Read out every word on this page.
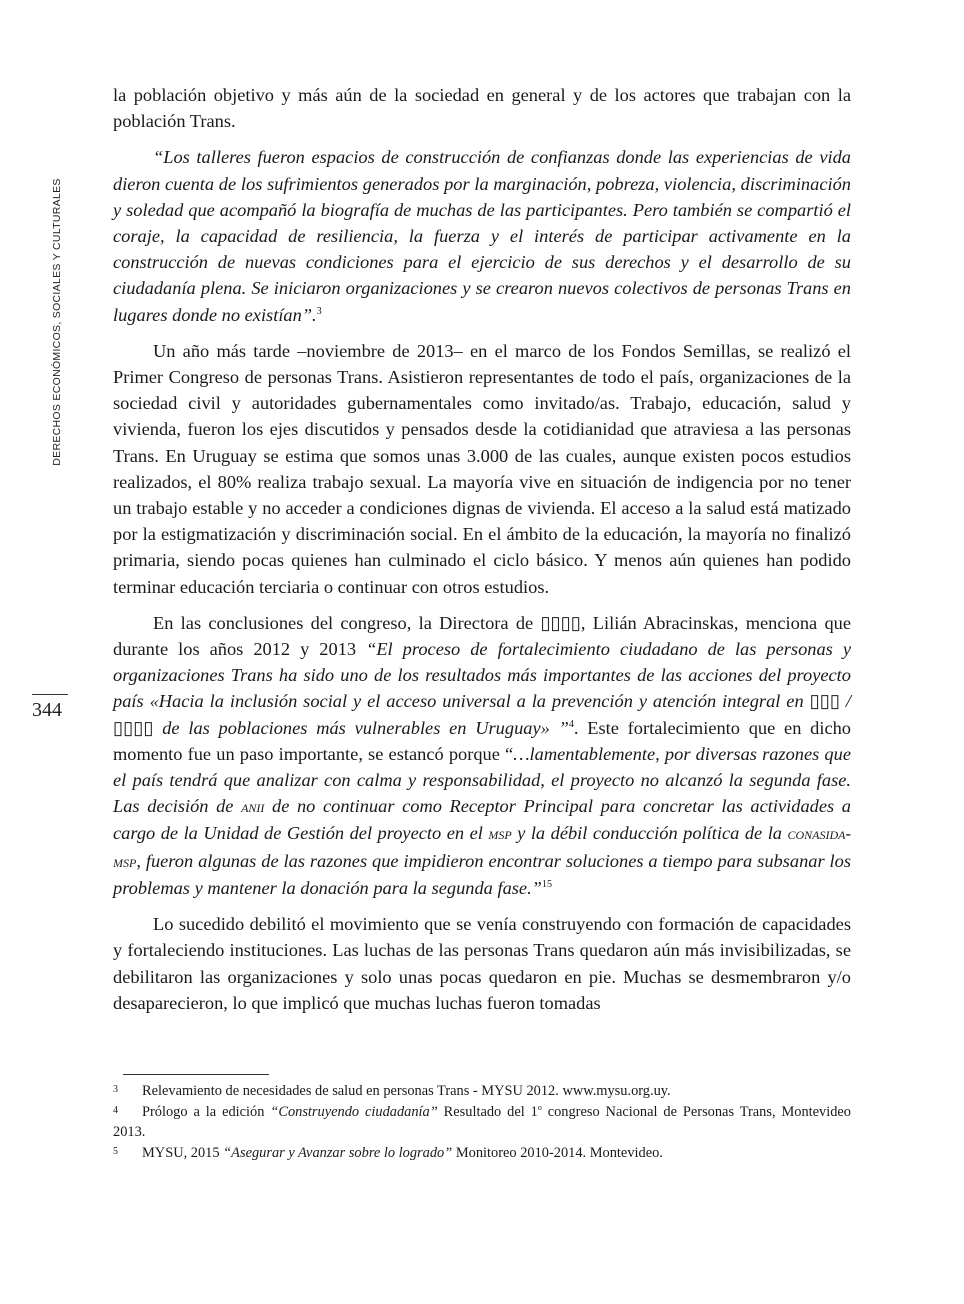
DERECHOS ECONÓMICOS, SOCIALES Y CULTURALES
344

la población objetivo y más aún de la sociedad en general y de los actores que trabajan con la población Trans.

“Los talleres fueron espacios de construcción de confianzas donde las experiencias de vida dieron cuenta de los sufrimientos generados por la marginación, pobreza, violencia, discriminación y soledad que acompañó la biografía de muchas de las participantes. Pero también se compartió el coraje, la capacidad de resiliencia, la fuerza y el interés de participar activamente en la construcción de nuevas condiciones para el ejercicio de sus derechos y el desarrollo de su ciudadanía plena. Se iniciaron organizaciones y se crearon nuevos colectivos de personas Trans en lugares donde no existían”.$^3$

Un año más tarde –noviembre de 2013– en el marco de los Fondos Semillas, se realizó el Primer Congreso de personas Trans. Asistieron representantes de todo el país, organizaciones de la sociedad civil y autoridades gubernamentales como invitado/as. Trabajo, educación, salud y vivienda, fueron los ejes discutidos y pensados desde la cotidianidad que atraviesa a las personas Trans. En Uruguay se estima que somos unas 3.000 de las cuales, aunque existen pocos estudios realizados, el 80% realiza trabajo sexual. La mayoría vive en situación de indigencia por no tener un trabajo estable y no acceder a condiciones dignas de vivienda. El acceso a la salud está matizado por la estigmatización y discriminación social. En el ámbito de la educación, la mayoría no finalizó primaria, siendo pocas quienes han culminado el ciclo básico. Y menos aún quienes han podido terminar educación terciaria o continuar con otros estudios.

En las conclusiones del congreso, la Directora de ▯▯▯▯, Lilián Abracinskas, menciona que durante los años 2012 y 2013 “El proceso de fortalecimiento ciudadano de las personas y organizaciones Trans ha sido uno de los resultados más importantes de las acciones del proyecto país «Hacia la inclusión social y el acceso universal a la prevención y atención integral en ▯▯▯ / ▯▯▯▯ de las poblaciones más vulnerables en Uruguay» ”$^4$. Este fortalecimiento que en dicho momento fue un paso importante, se estancó porque “…lamentablemente, por diversas razones que el país tendrá que analizar con calma y responsabilidad, el proyecto no alcanzó la segunda fase. Las decisión de anii de no continuar como Receptor Principal para concretar las actividades a cargo de la Unidad de Gestión del proyecto en el msp y la débil conducción política de la conasida-msp, fueron algunas de las razones que impidieron encontrar soluciones a tiempo para subsanar los problemas y mantener la donación para la segunda fase.”$^{15}$

Lo sucedido debilitó el movimiento que se venía construyendo con formación de capacidades y fortaleciendo instituciones. Las luchas de las personas Trans quedaron aún más invisibilizadas, se debilitaron las organizaciones y solo unas pocas quedaron en pie. Muchas se desmembraron y/o desaparecieron, lo que implicó que muchas luchas fueron tomadas

3 Relevamiento de necesidades de salud en personas Trans - MYSU 2012. www.mysu.org.uy.

4 Prólogo a la edición “Construyendo ciudadanía” Resultado del 1$^o$ congreso Nacional de Personas Trans, Montevideo 2013.

5 MYSU, 2015 “Asegurar y Avanzar sobre lo logrado” Monitoreo 2010-2014. Montevideo.
